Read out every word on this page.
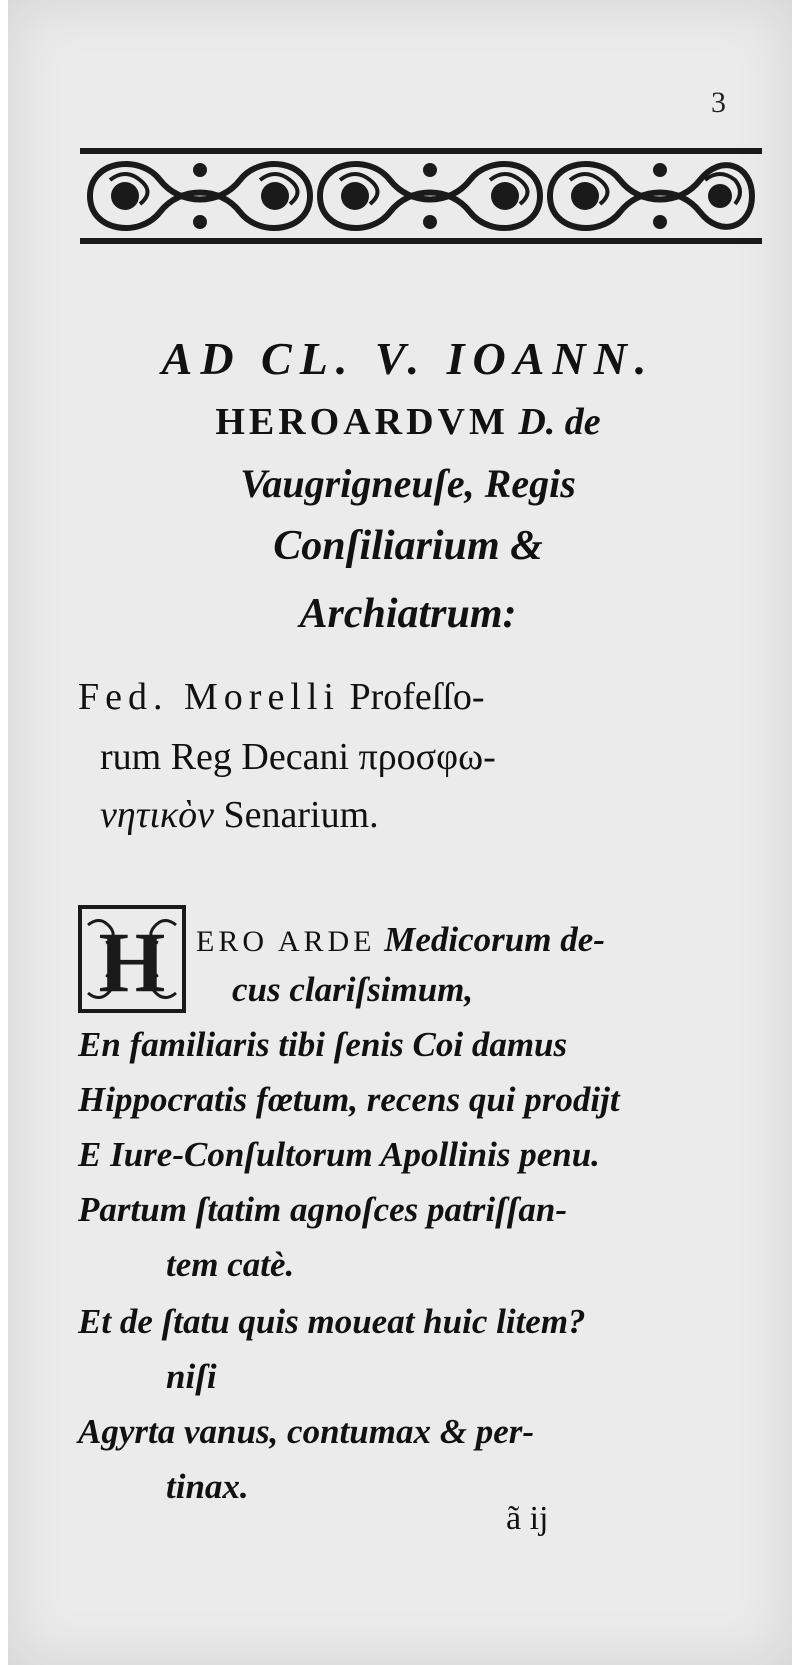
3
AD CL. V. IOANN.
HEROARDVM D. de
Vaugrigneuſe, Regis
Conſiliarium &
Archiatrum:
Fed. Morelli Profeſſo-
rum Reg Decani προσφω-
νητικὸν Senarium.
H ERO ARDE Medicorum de-
cus clariſsimum,
En familiaris tibi ſenis Coi damus
Hippocratis fœtum, recens qui prodijt
E Iure-Conſultorum Apollinis penu.
Partum ſtatim agnoſces patriſſan-
tem catè.
Et de ſtatu quis moueat huic litem?
niſi
Agyrta vanus, contumax & per-
tinax.
ã ij
